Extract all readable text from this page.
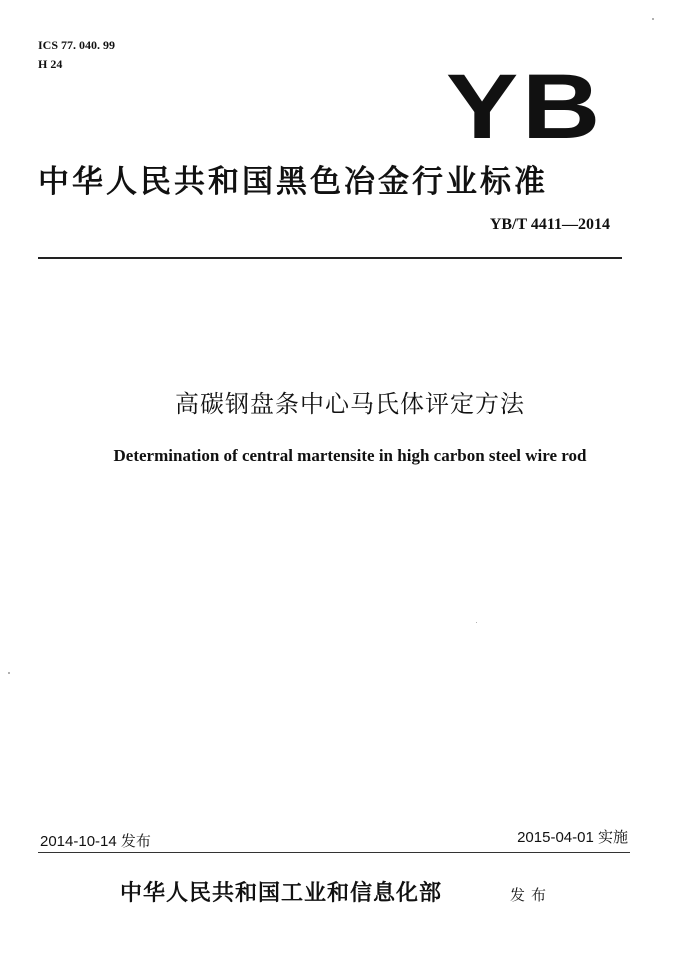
ICS 77. 040. 99
H 24	YB
中华人民共和国黑色冶金行业标准
YB/T 4411—2014
高碳钢盘条中心马氏体评定方法
Determination of central martensite in high carbon steel wire rod
2014-10-14 发布	2015-04-01 实施
中华人民共和国工业和信息化部	发布
